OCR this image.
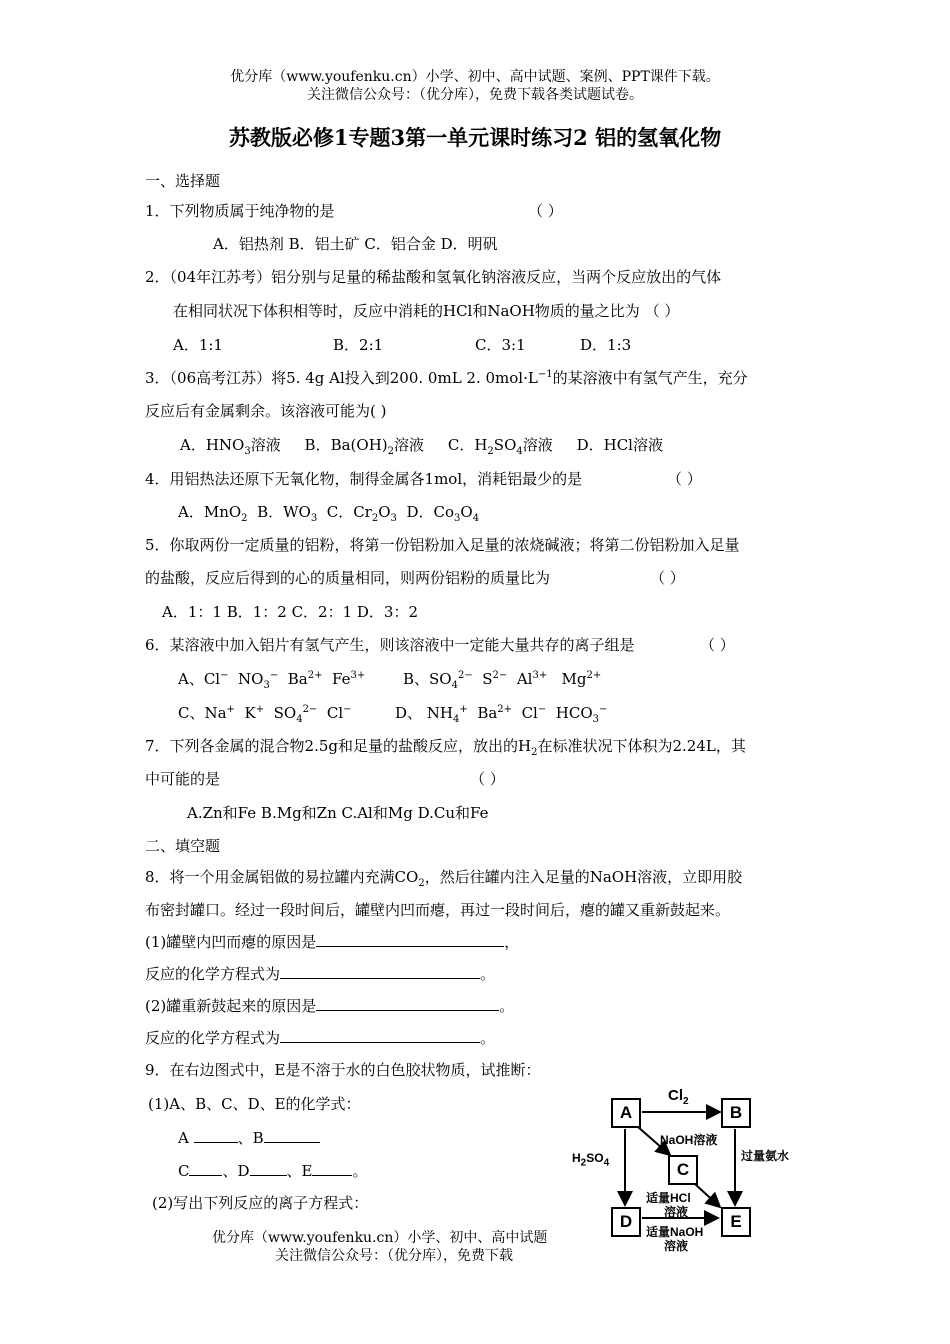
优分库（www.youfenku.cn）小学、初中、高中试题、案例、PPT课件下载。
关注微信公众号：（优分库），免费下载各类试题试卷。
苏教版必修1专题3第一单元课时练习2 铝的氢氧化物
一、选择题
1．下列物质属于纯净物的是	（ ）
A．铝热剂 B．铝土矿 C．铝合金 D．明矾
2．（04年江苏考）铝分别与足量的稀盐酸和氢氧化钠溶液反应，当两个反应放出的气体
在相同状况下体积相等时，反应中消耗的HCl和NaOH物质的量之比为 （ ）
A．1:1	B．2:1	C．3:1	D．1:3
3．（06高考江苏）将5. 4g Al投入到200. 0mL 2. $0mol\cdot L^{-1}$的某溶液中有氢气产生，充分
反应后有金属剩余。该溶液可能为( )
A．$HNO_3$溶液     B．$Ba(OH)_2$溶液     C．$H_2SO_4$溶液     D．HCl溶液
4．用铝热法还原下无氧化物，制得金属各1mol，消耗铝最少的是	（ ）
A．MnO$_2$  B．$WO_3$  C．$Cr_2O_3$  D．$Co_3O_4$
5．你取两份一定质量的铝粉，将第一份铝粉加入足量的浓烧碱液；将第二份铝粉加入足量
的盐酸，反应后得到的心的质量相同，则两份铝粉的质量比为	（ ）
A．1：1 B．1：2 C．2：1 D．3：2
6．某溶液中加入铝片有氢气产生，则该溶液中一定能大量共存的离子组是	（ ）
A、Cl−  $NO_3^-$  $Ba^{2+}$  $Fe^{3+}$	B、$SO_4^{2-}$  $S^{2-}$  $Al^{3+}$   $Mg^{2+}$
C、Na+  K+  $SO_4^{2-}$  Cl−	D、 $NH_4^+$  $Ba^{2+}$  Cl−  $HCO_3^-$
7．下列各金属的混合物2.5g和足量的盐酸反应，放出的$H_2$在标准状况下体积为2.24L，其
中可能的是	（ ）
A.Zn和Fe B.Mg和Zn C.Al和Mg D.Cu和Fe
二、填空题
8．将一个用金属铝做的易拉罐内充满$CO_2$，然后往罐内注入足量的NaOH溶液，立即用胶
布密封罐口。经过一段时间后，罐壁内凹而瘪，再过一段时间后，瘪的罐又重新鼓起来。
(1)罐壁内凹而瘪的原因是	，
反应的化学方程式为	。
(2)罐重新鼓起来的原因是	。
反应的化学方程式为	。
9．在右边图式中，E是不溶于水的白色胶状物质，试推断：
(1)A、B、C、D、E的化学式：
A	、B
C 、D 、E	。
(2)写出下列反应的离子方程式：
A	B
C
D	E
$Cl_2$
NaOH溶液
$H_2SO_4$	过量氨水
适量HCl
溶液
适量NaOH
溶液
优分库（www.youfenku.cn）小学、初中、高中试题
关注微信公众号：（优分库），免费下载
